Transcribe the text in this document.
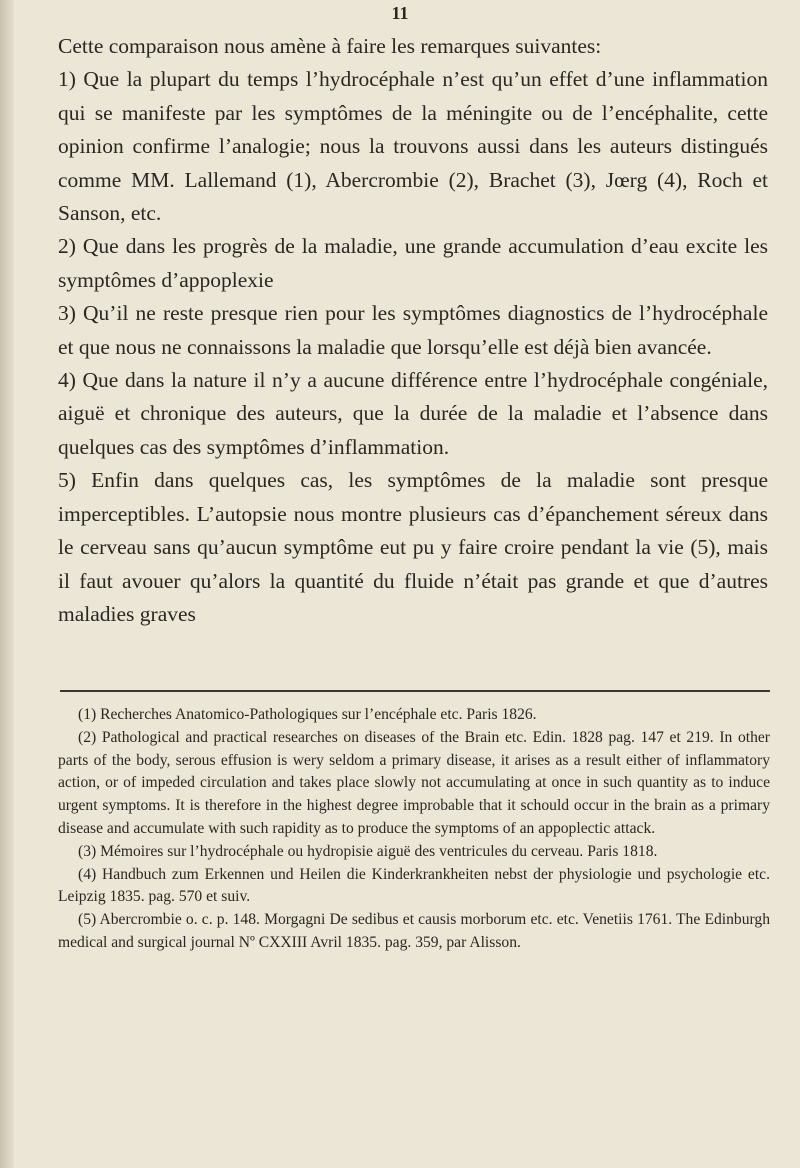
11

Cette comparaison nous amène à faire les remarques suivantes:

1) Que la plupart du temps l’hydrocéphale n’est qu’un effet d’une inflammation qui se manifeste par les symptômes de la méningite ou de l’encéphalite, cette opinion confirme l’analogie; nous la trouvons aussi dans les auteurs distingués comme MM. Lallemand (1), Abercrombie (2), Brachet (3), Jœrg (4), Roch et Sanson, etc.

2) Que dans les progrès de la maladie, une grande accumulation d’eau excite les symptômes d’appoplexie

3) Qu’il ne reste presque rien pour les symptômes diagnostics de l’hydrocéphale et que nous ne connaissons la maladie que lorsqu’elle est déjà bien avancée.

4) Que dans la nature il n’y a aucune différence entre l’hydrocéphale congéniale, aiguë et chronique des auteurs, que la durée de la maladie et l’absence dans quelques cas des symptômes d’inflammation.

5) Enfin dans quelques cas, les symptômes de la maladie sont presque imperceptibles. L’autopsie nous montre plusieurs cas d’épanchement séreux dans le cerveau sans qu’aucun symptôme eut pu y faire croire pendant la vie (5), mais il faut avouer qu’alors la quantité du fluide n’était pas grande et que d’autres maladies graves

(1) Recherches Anatomico-Pathologiques sur l’encéphale etc. Paris 1826.

(2) Pathological and practical researches on diseases of the Brain etc. Edin. 1828 pag. 147 et 219. In other parts of the body, serous effusion is wery seldom a primary disease, it arises as a result either of inflammatory action, or of impeded circulation and takes place slowly not accumulating at once in such quantity as to induce urgent symptoms. It is therefore in the highest degree improbable that it schould occur in the brain as a primary disease and accumulate with such rapidity as to produce the symptoms of an appoplectic attack.

(3) Mémoires sur l’hydrocéphale ou hydropisie aiguë des ventricules du cerveau. Paris 1818.

(4) Handbuch zum Erkennen und Heilen die Kinderkrankheiten nebst der physiologie und psychologie etc. Leipzig 1835. pag. 570 et suiv.

(5) Abercrombie o. c. p. 148. Morgagni De sedibus et causis morborum etc. etc. Venetiis 1761. The Edinburgh medical and surgical journal Nº CXXIII Avril 1835. pag. 359, par Alisson.
